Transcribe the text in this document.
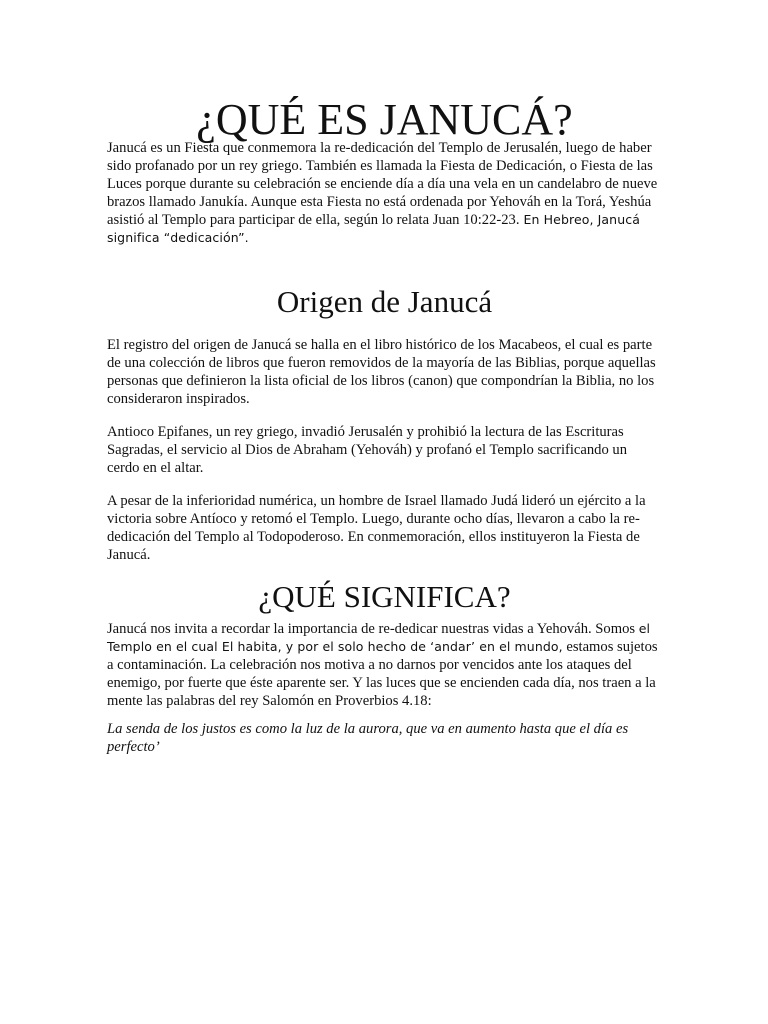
¿QUÉ ES JANUCÁ?

Janucá es un Fiesta que conmemora la re-dedicación del Templo de Jerusalén, luego de haber sido profanado por un rey griego. También es llamada la Fiesta de Dedicación, o Fiesta de las Luces porque durante su celebración se enciende día a día una vela en un candelabro de nueve brazos llamado Janukía. Aunque esta Fiesta no está ordenada por Yehováh en la Torá, Yeshúa asistió al Templo para participar de ella, según lo relata Juan 10:22-23. En Hebreo, Janucá significa “dedicación”.

Origen de Janucá

El registro del origen de Janucá se halla en el libro histórico de los Macabeos, el cual es parte de una colección de libros que fueron removidos de la mayoría de las Biblias, porque aquellas personas que definieron la lista oficial de los libros (canon) que compondrían la Biblia, no los consideraron inspirados.

Antioco Epifanes, un rey griego, invadió Jerusalén y prohibió la lectura de las Escrituras Sagradas, el servicio al Dios de Abraham (Yehováh) y profanó el Templo sacrificando un cerdo en el altar.

A pesar de la inferioridad numérica, un hombre de Israel llamado Judá lideró un ejército a la victoria sobre Antíoco y retomó el Templo. Luego, durante ocho días, llevaron a cabo la re-dedicación del Templo al Todopoderoso. En conmemoración, ellos instituyeron la Fiesta de Janucá.

¿QUÉ SIGNIFICA?

Janucá nos invita a recordar la importancia de re-dedicar nuestras vidas a Yehováh. Somos el Templo en el cual El habita, y por el solo hecho de ‘andar’ en el mundo, estamos sujetos a contaminación. La celebración nos motiva a no darnos por vencidos ante los ataques del enemigo, por fuerte que éste aparente ser. Y las luces que se encienden cada día, nos traen a la mente las palabras del rey Salomón en Proverbios 4.18:

La senda de los justos es como la luz de la aurora, que va en aumento hasta que el día es perfecto’
